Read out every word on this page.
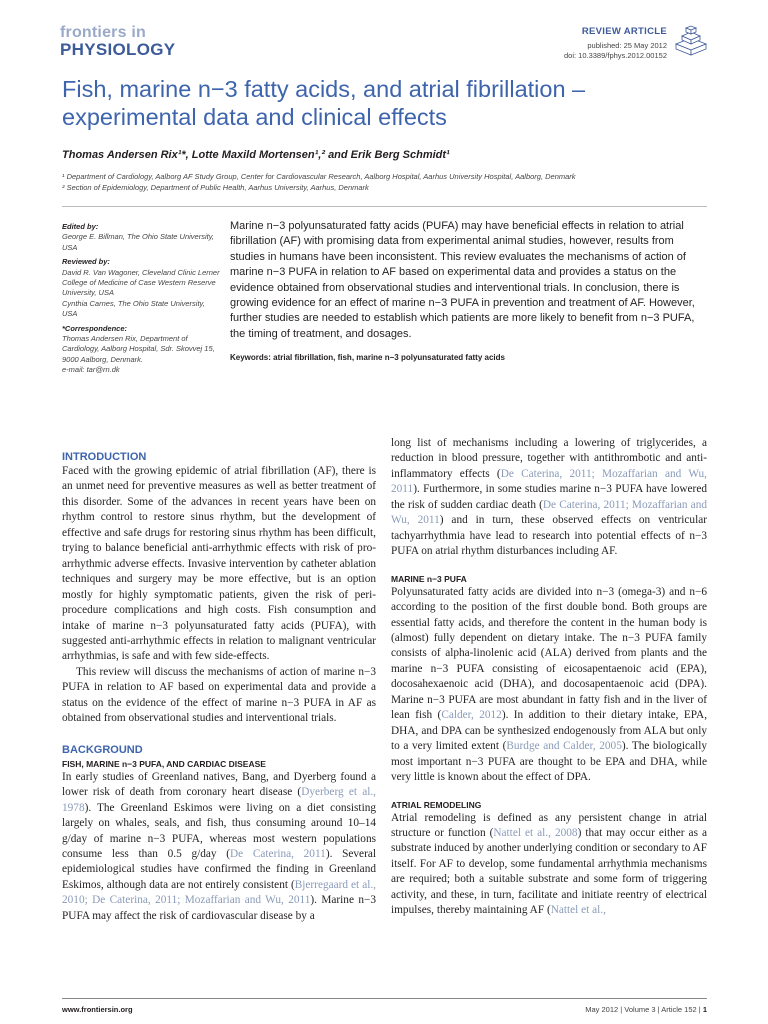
frontiers in
PHYSIOLOGY
REVIEW ARTICLE
published: 25 May 2012
doi: 10.3389/fphys.2012.00152
Fish, marine n−3 fatty acids, and atrial fibrillation – experimental data and clinical effects
Thomas Andersen Rix¹*, Lotte Maxild Mortensen¹,² and Erik Berg Schmidt¹
¹ Department of Cardiology, Aalborg AF Study Group, Center for Cardiovascular Research, Aalborg Hospital, Aarhus University Hospital, Aalborg, Denmark
² Section of Epidemiology, Department of Public Health, Aarhus University, Aarhus, Denmark

Edited by:

George E. Billman, The Ohio State University, USA

Reviewed by:

David R. Van Wagoner, Cleveland Clinic Lerner College of Medicine of Case Western Reserve University, USA

Cynthia Carnes, The Ohio State University, USA

*Correspondence:

Thomas Andersen Rix, Department of Cardiology, Aalborg Hospital, Sdr. Skovvej 15, 9000 Aalborg, Denmark.

e-mail: tar@rn.dk

Marine n−3 polyunsaturated fatty acids (PUFA) may have beneficial effects in relation to atrial fibrillation (AF) with promising data from experimental animal studies, however, results from studies in humans have been inconsistent. This review evaluates the mechanisms of action of marine n−3 PUFA in relation to AF based on experimental data and provides a status on the evidence obtained from observational studies and interventional trials. In conclusion, there is growing evidence for an effect of marine n−3 PUFA in prevention and treatment of AF. However, further studies are needed to establish which patients are more likely to benefit from n−3 PUFA, the timing of treatment, and dosages.
Keywords: atrial fibrillation, fish, marine n−3 polyunsaturated fatty acids
INTRODUCTION

Faced with the growing epidemic of atrial fibrillation (AF), there is an unmet need for preventive measures as well as better treatment of this disorder. Some of the advances in recent years have been on rhythm control to restore sinus rhythm, but the development of effective and safe drugs for restoring sinus rhythm has been difficult, trying to balance beneficial anti-arrhythmic effects with risk of pro-arrhythmic adverse effects. Invasive intervention by catheter ablation techniques and surgery may be more effective, but is an option mostly for highly symptomatic patients, given the risk of peri-procedure complications and high costs. Fish consumption and intake of marine n−3 polyunsaturated fatty acids (PUFA), with suggested anti-arrhythmic effects in relation to malignant ventricular arrhythmias, is safe and with few side-effects.

This review will discuss the mechanisms of action of marine n−3 PUFA in relation to AF based on experimental data and provide a status on the evidence of the effect of marine n−3 PUFA in AF as obtained from observational studies and interventional trials.

BACKGROUND
FISH, MARINE n−3 PUFA, AND CARDIAC DISEASE

In early studies of Greenland natives, Bang, and Dyerberg found a lower risk of death from coronary heart disease (Dyerberg et al., 1978). The Greenland Eskimos were living on a diet consisting largely on whales, seals, and fish, thus consuming around 10–14 g/day of marine n−3 PUFA, whereas most western populations consume less than 0.5 g/day (De Caterina, 2011). Several epidemiological studies have confirmed the finding in Greenland Eskimos, although data are not entirely consistent (Bjerregaard et al., 2010; De Caterina, 2011; Mozaffarian and Wu, 2011). Marine n−3 PUFA may affect the risk of cardiovascular disease by a

long list of mechanisms including a lowering of triglycerides, a reduction in blood pressure, together with antithrombotic and anti-inflammatory effects (De Caterina, 2011; Mozaffarian and Wu, 2011). Furthermore, in some studies marine n−3 PUFA have lowered the risk of sudden cardiac death (De Caterina, 2011; Mozaffarian and Wu, 2011) and in turn, these observed effects on ventricular tachyarrhythmia have lead to research into potential effects of n−3 PUFA on atrial rhythm disturbances including AF.

MARINE n−3 PUFA

Polyunsaturated fatty acids are divided into n−3 (omega-3) and n−6 according to the position of the first double bond. Both groups are essential fatty acids, and therefore the content in the human body is (almost) fully dependent on dietary intake. The n−3 PUFA family consists of alpha-linolenic acid (ALA) derived from plants and the marine n−3 PUFA consisting of eicosapentaenoic acid (EPA), docosahexaenoic acid (DHA), and docosapentaenoic acid (DPA). Marine n−3 PUFA are most abundant in fatty fish and in the liver of lean fish (Calder, 2012). In addition to their dietary intake, EPA, DHA, and DPA can be synthesized endogenously from ALA but only to a very limited extent (Burdge and Calder, 2005). The biologically most important n−3 PUFA are thought to be EPA and DHA, while very little is known about the effect of DPA.

ATRIAL REMODELING

Atrial remodeling is defined as any persistent change in atrial structure or function (Nattel et al., 2008) that may occur either as a substrate induced by another underlying condition or secondary to AF itself. For AF to develop, some fundamental arrhythmia mechanisms are required; both a suitable substrate and some form of triggering activity, and these, in turn, facilitate and initiate reentry of electrical impulses, thereby maintaining AF (Nattel et al.,

www.frontiersin.org	May 2012 | Volume 3 | Article 152 | 1
